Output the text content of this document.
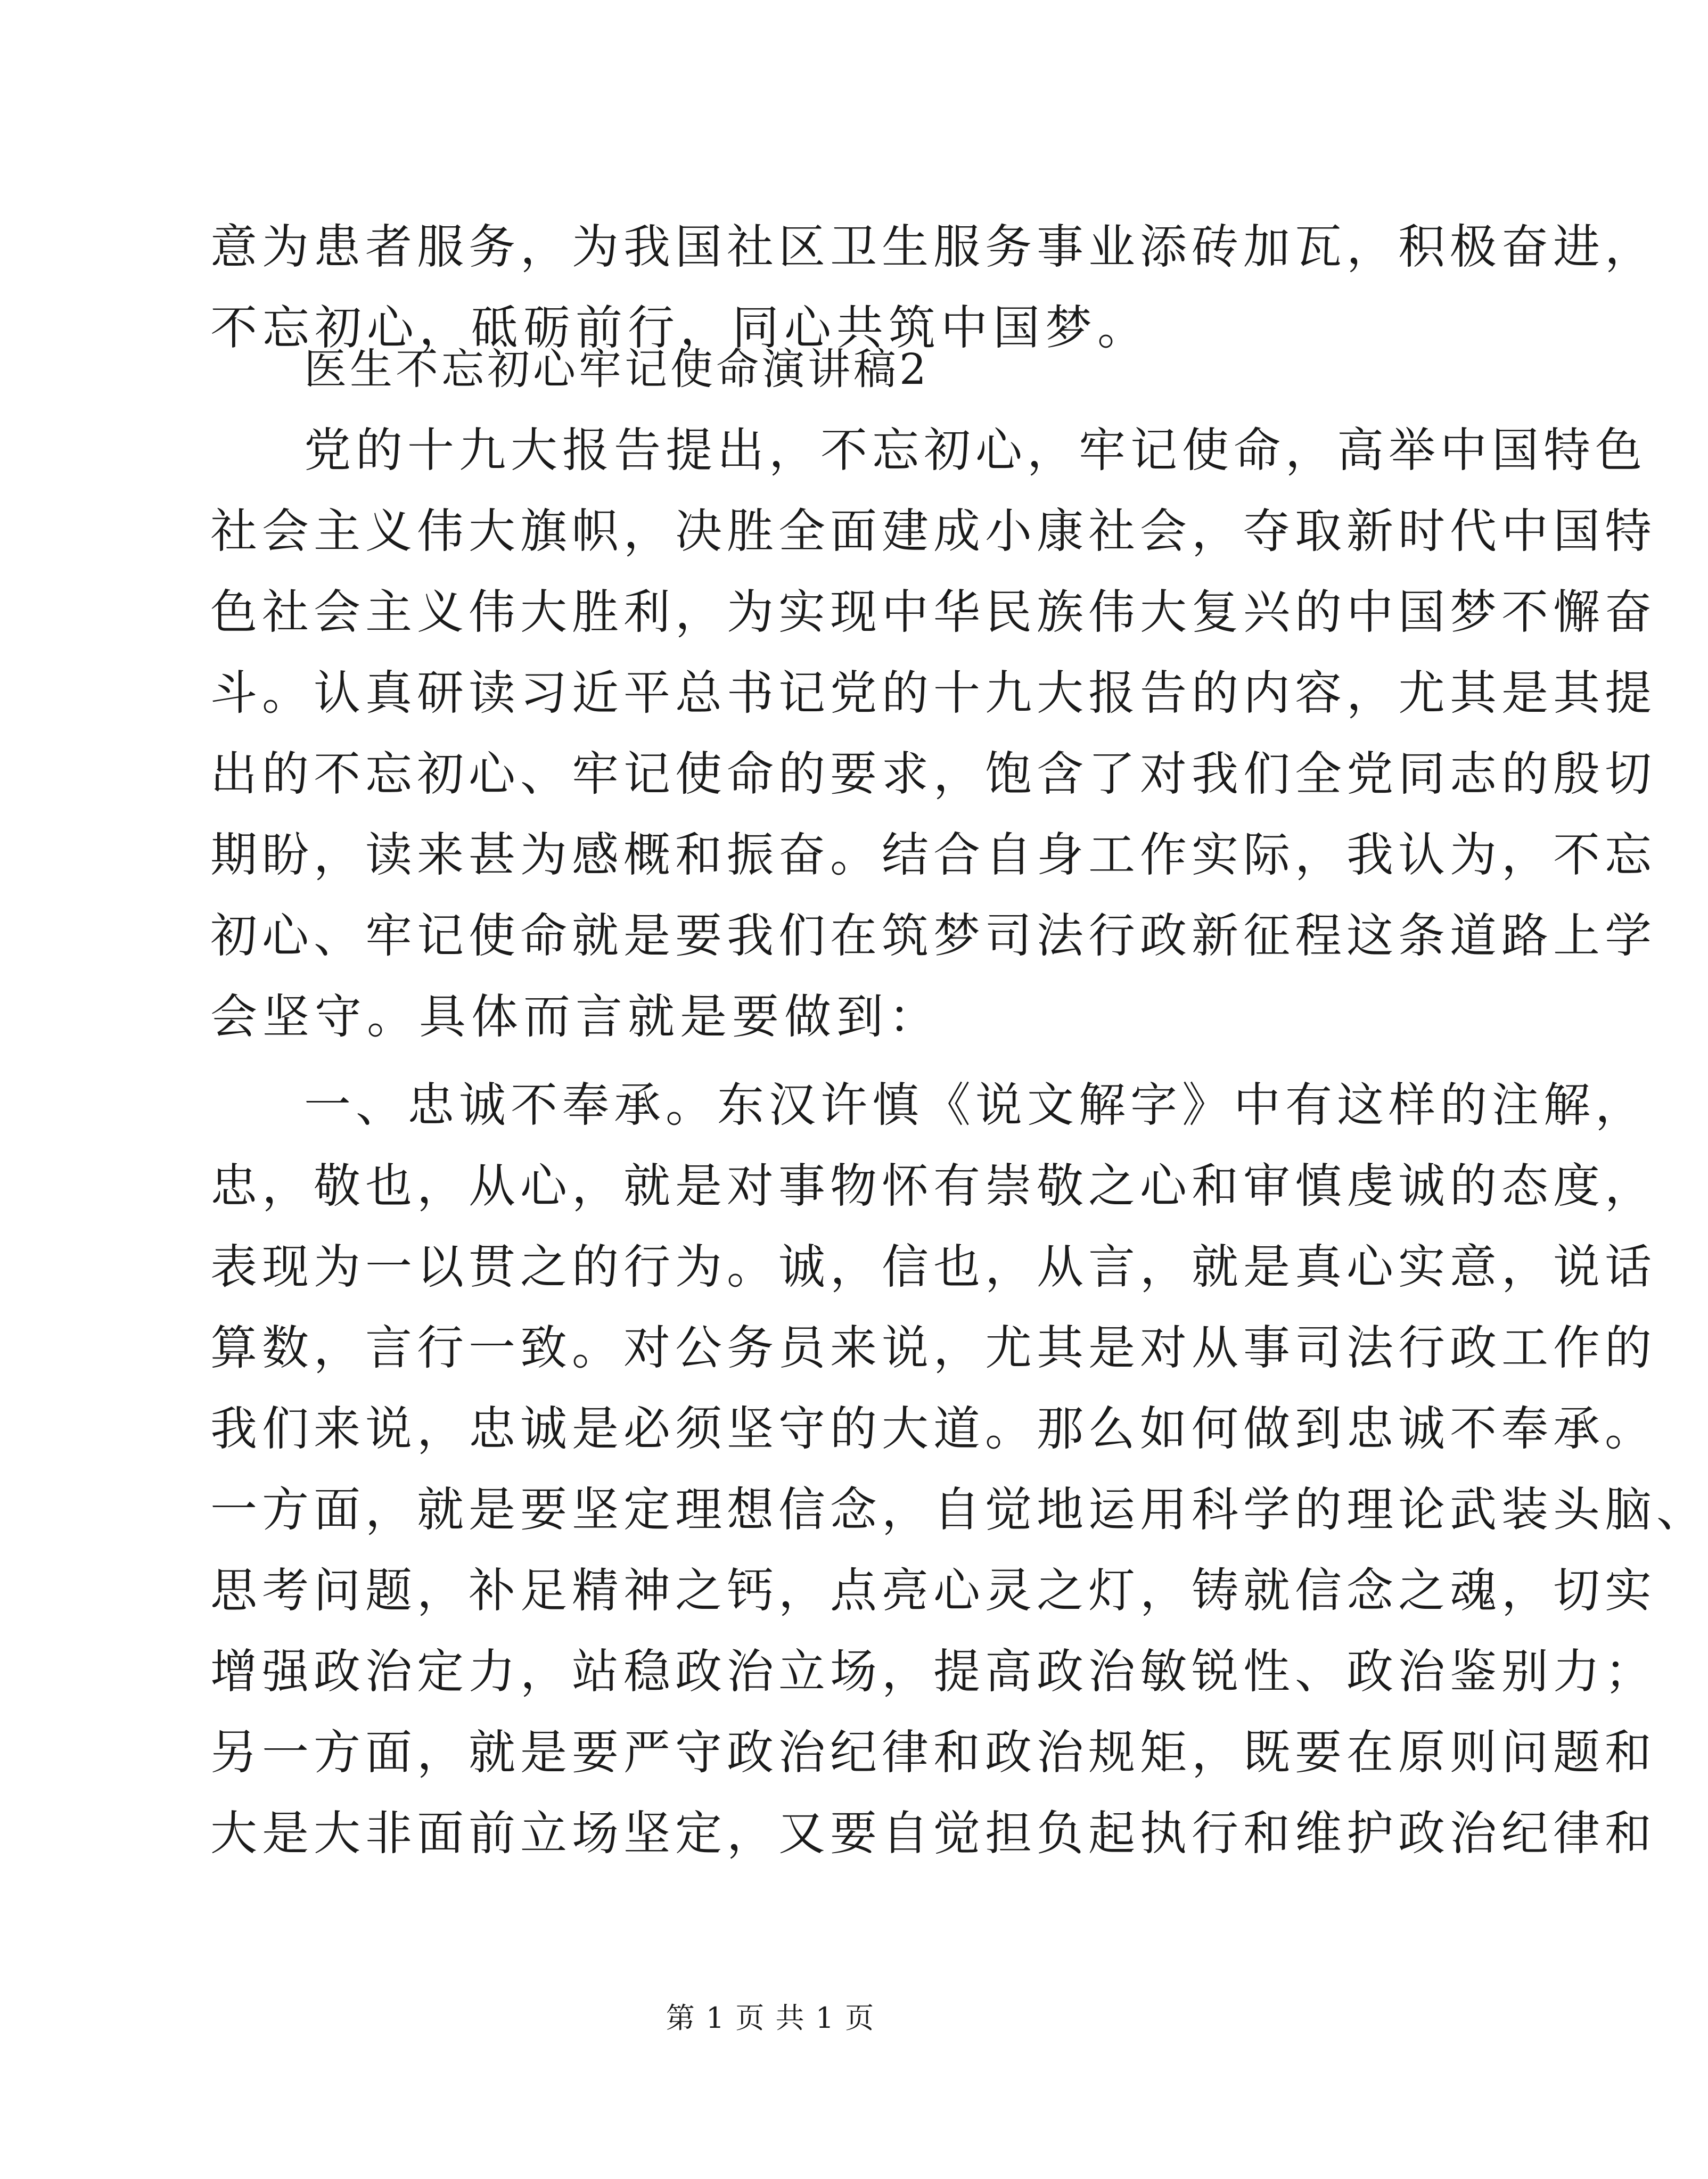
意为患者服务，为我国社区卫生服务事业添砖加瓦，积极奋进，
不忘初心，砥砺前行，同心共筑中国梦。
医生不忘初心牢记使命演讲稿2
党的十九大报告提出，不忘初心，牢记使命，高举中国特色
社会主义伟大旗帜，决胜全面建成小康社会，夺取新时代中国特
色社会主义伟大胜利，为实现中华民族伟大复兴的中国梦不懈奋
斗。认真研读习近平总书记党的十九大报告的内容，尤其是其提
出的不忘初心、牢记使命的要求，饱含了对我们全党同志的殷切
期盼，读来甚为感概和振奋。结合自身工作实际，我认为，不忘
初心、牢记使命就是要我们在筑梦司法行政新征程这条道路上学
会坚守。具体而言就是要做到：
一、忠诚不奉承。东汉许慎《说文解字》中有这样的注解，
忠，敬也，从心，就是对事物怀有崇敬之心和审慎虔诚的态度，
表现为一以贯之的行为。诚，信也，从言，就是真心实意，说话
算数，言行一致。对公务员来说，尤其是对从事司法行政工作的
我们来说，忠诚是必须坚守的大道。那么如何做到忠诚不奉承。
一方面，就是要坚定理想信念，自觉地运用科学的理论武装头脑、
思考问题，补足精神之钙，点亮心灵之灯，铸就信念之魂，切实
增强政治定力，站稳政治立场，提高政治敏锐性、政治鉴别力；
另一方面，就是要严守政治纪律和政治规矩，既要在原则问题和
大是大非面前立场坚定，又要自觉担负起执行和维护政治纪律和
第 1 页 共 1 页
